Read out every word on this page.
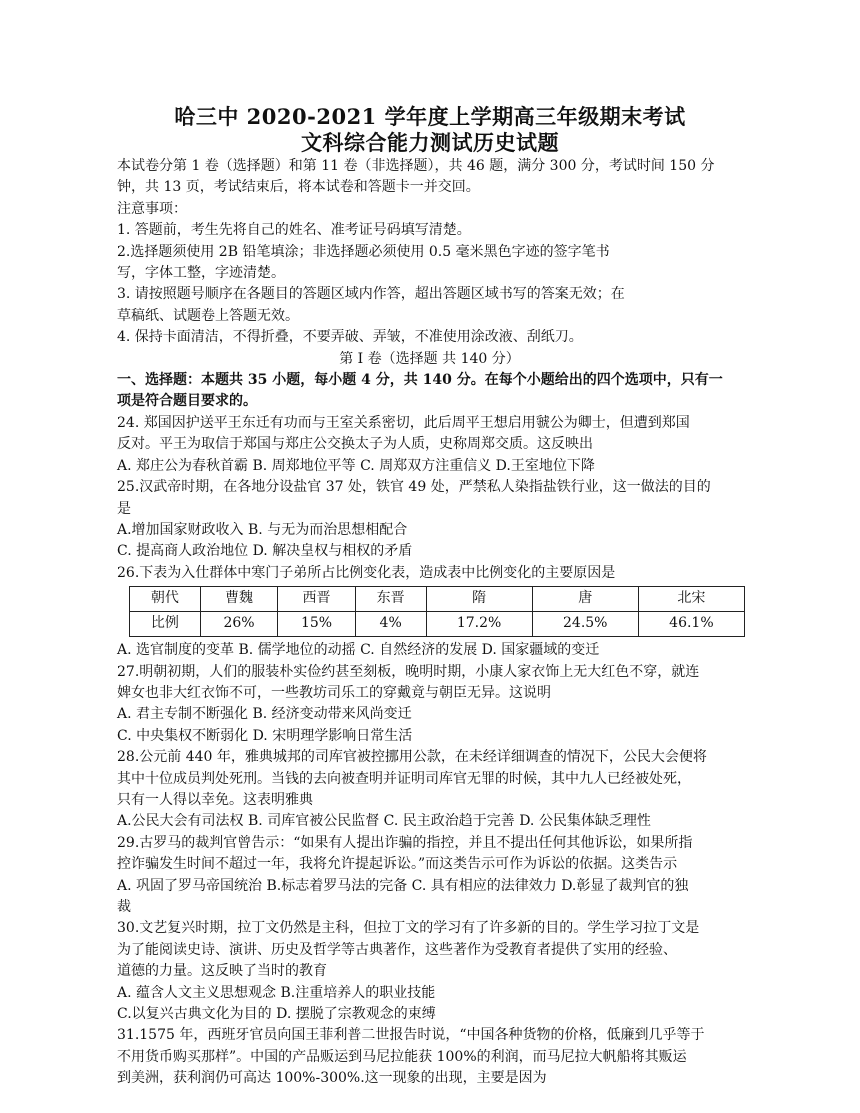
哈三中 2020-2021 学年度上学期高三年级期末考试
文科综合能力测试历史试题

本试卷分第 1 卷（选择题）和第 11 卷（非选择题），共 46 题，满分 300 分，考试时间 150 分

钟，共 13 页，考试结束后，将本试卷和答题卡一并交回。

注意事项：

1. 答题前，考生先将自己的姓名、准考证号码填写清楚。

2.选择题须使用 2B 铅笔填涂；非选择题必须使用 0.5 毫米黑色字迹的签字笔书

写，字体工整，字迹清楚。

3. 请按照题号顺序在各题目的答题区域内作答，超出答题区域书写的答案无效；在

草稿纸、试题卷上答题无效。

4. 保持卡面清洁，不得折叠，不要弄破、弄皱，不准使用涂改液、刮纸刀。

第 I 卷（选择题 共 140 分）

一、选择题：本题共 35 小题，每小题 4 分，共 140 分。在每个小题给出的四个选项中，只有一

项是符合题目要求的。

24. 郑国因护送平王东迁有功而与王室关系密切，此后周平王想启用虢公为卿士，但遭到郑国

反对。平王为取信于郑国与郑庄公交换太子为人质，史称周郑交质。这反映出

A. 郑庄公为春秋首霸 B. 周郑地位平等 C. 周郑双方注重信义 D.王室地位下降

25.汉武帝时期，在各地分设盐官 37 处，铁官 49 处，严禁私人染指盐铁行业，这一做法的目的

是

A.增加国家财政收入 B. 与无为而治思想相配合

C. 提高商人政治地位 D. 解决皇权与相权的矛盾

26.下表为入仕群体中寒门子弟所占比例变化表，造成表中比例变化的主要原因是

朝代	曹魏	西晋	东晋	隋	唐	北宋
比例	26%	15%	4%	17.2%	24.5%	46.1%

A. 选官制度的变革 B. 儒学地位的动摇 C. 自然经济的发展 D. 国家疆域的变迁

27.明朝初期，人们的服装朴实俭约甚至刻板，晚明时期，小康人家衣饰上无大红色不穿，就连

婢女也非大红衣饰不可，一些教坊司乐工的穿戴竟与朝臣无异。这说明

A. 君主专制不断强化 B. 经济变动带来风尚变迁

C. 中央集权不断弱化 D. 宋明理学影响日常生活

28.公元前 440 年，雅典城邦的司库官被控挪用公款，在未经详细调查的情况下，公民大会便将

其中十位成员判处死刑。当钱的去向被查明并证明司库官无罪的时候，其中九人已经被处死，

只有一人得以幸免。这表明雅典

A.公民大会有司法权 B. 司库官被公民监督 C. 民主政治趋于完善 D. 公民集体缺乏理性

29.古罗马的裁判官曾告示：“如果有人提出诈骗的指控，并且不提出任何其他诉讼，如果所指

控诈骗发生时间不超过一年，我将允许提起诉讼。”而这类告示可作为诉讼的依据。这类告示

A. 巩固了罗马帝国统治 B.标志着罗马法的完备 C. 具有相应的法律效力 D.彰显了裁判官的独

裁

30.文艺复兴时期，拉丁文仍然是主科，但拉丁文的学习有了许多新的目的。学生学习拉丁文是

为了能阅读史诗、演讲、历史及哲学等古典著作，这些著作为受教育者提供了实用的经验、

道德的力量。这反映了当时的教育

A. 蕴含人文主义思想观念 B.注重培养人的职业技能

C.以复兴古典文化为目的 D. 摆脱了宗教观念的束缚

31.1575 年，西班牙官员向国王菲利普二世报告时说，“中国各种货物的价格，低廉到几乎等于

不用货币购买那样”。中国的产品贩运到马尼拉能获 100%的利润，而马尼拉大帆船将其贩运

到美洲，获利润仍可高达 100%-300%.这一现象的出现，主要是因为
